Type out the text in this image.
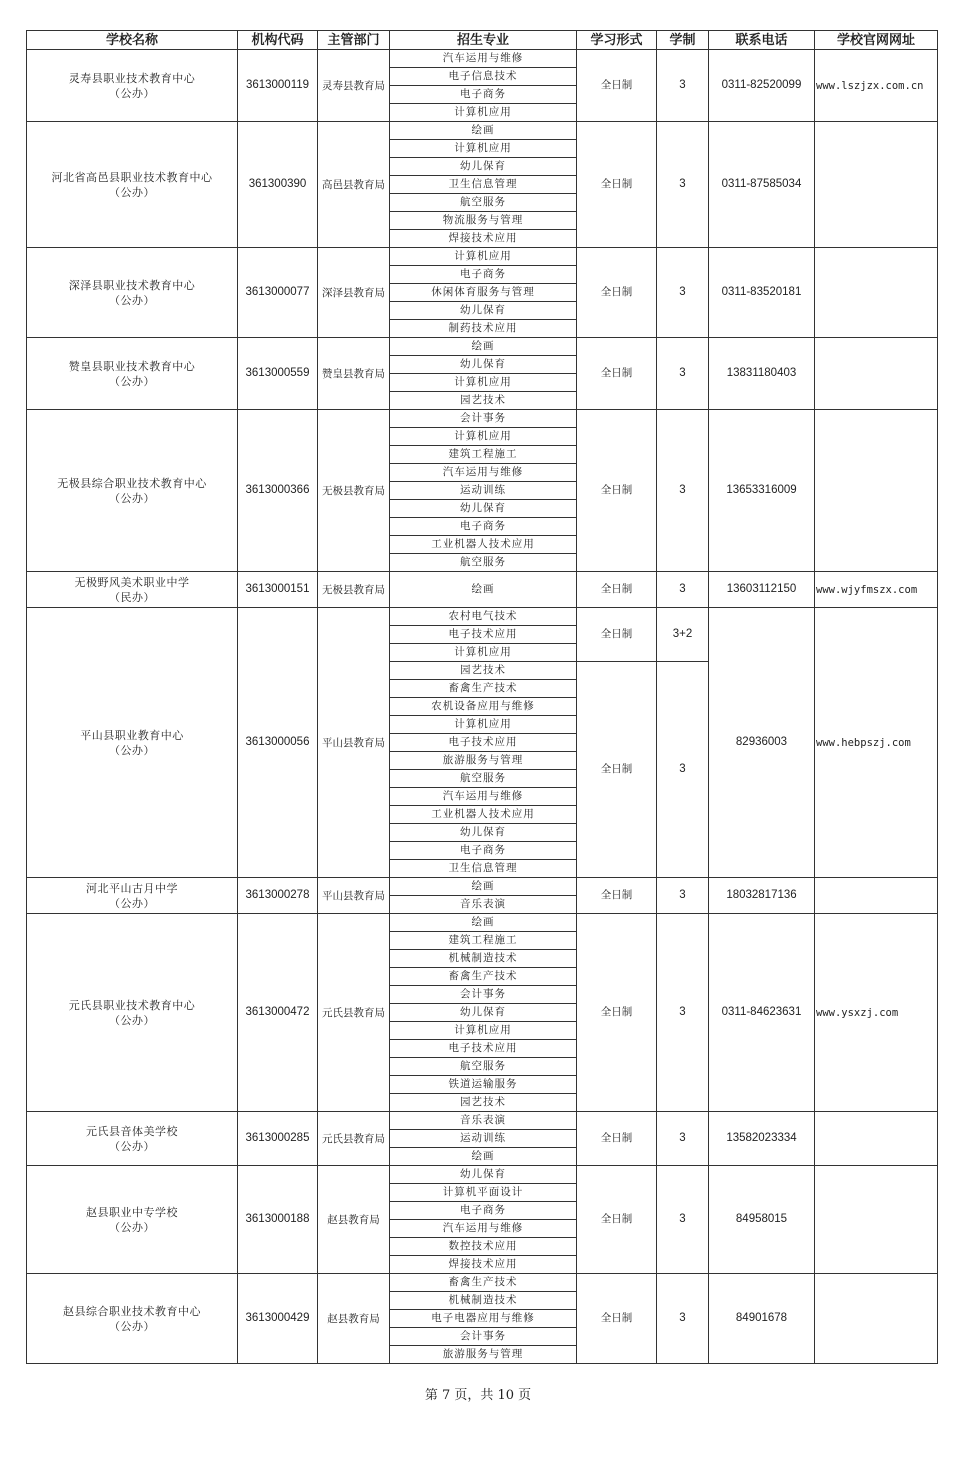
学校名称	机构代码	主管部门	招生专业	学习形式	学制	联系电话	学校官网网址

灵寿县职业技术教育中心
（公办）	3613000119	灵寿县教育局	汽车运用与维修	全日制	3	0311-82520099	www.lszjzx.com.cn
			电子信息技术				
			电子商务				
			计算机应用				

河北省高邑县职业技术教育中心
（公办）	361300390	高邑县教育局	绘画	全日制	3	0311-87585034	
			计算机应用				
			幼儿保育				
			卫生信息管理				
			航空服务				
			物流服务与管理				
			焊接技术应用				

深泽县职业技术教育中心
（公办）	3613000077	深泽县教育局	计算机应用	全日制	3	0311-83520181	
			电子商务				
			休闲体育服务与管理				
			幼儿保育				
			制药技术应用				

赞皇县职业技术教育中心
（公办）	3613000559	赞皇县教育局	绘画	全日制	3	13831180403	
			幼儿保育				
			计算机应用				
			园艺技术				

无极县综合职业技术教育中心
（公办）	3613000366	无极县教育局	会计事务	全日制	3	13653316009	
			计算机应用				
			建筑工程施工				
			汽车运用与维修				
			运动训练				
			幼儿保育				
			电子商务				
			工业机器人技术应用				
			航空服务				

无极野风美术职业中学
（民办）	3613000151	无极县教育局	绘画	全日制	3	13603112150	www.wjyfmszx.com

平山县职业教育中心
（公办）	3613000056	平山县教育局	农村电气技术	全日制	3+2	82936003	www.hebpszj.com
			电子技术应用				
			计算机应用				
			园艺技术	全日制	3		
			畜禽生产技术				
			农机设备应用与维修				
			计算机应用				
			电子技术应用				
			旅游服务与管理				
			航空服务				
			汽车运用与维修				
			工业机器人技术应用				
			幼儿保育				
			电子商务				
			卫生信息管理				

河北平山古月中学
（公办）	3613000278	平山县教育局	绘画	全日制	3	18032817136	
			音乐表演				

元氏县职业技术教育中心
（公办）	3613000472	元氏县教育局	绘画	全日制	3	0311-84623631	www.ysxzj.com
			建筑工程施工				
			机械制造技术				
			畜禽生产技术				
			会计事务				
			幼儿保育				
			计算机应用				
			电子技术应用				
			航空服务				
			铁道运输服务				
			园艺技术				

元氏县音体美学校
（公办）	3613000285	元氏县教育局	音乐表演	全日制	3	13582023334	
			运动训练				
			绘画				

赵县职业中专学校
（公办）	3613000188	赵县教育局	幼儿保育	全日制	3	84958015	
			计算机平面设计				
			电子商务				
			汽车运用与维修				
			数控技术应用				
			焊接技术应用				

赵县综合职业技术教育中心
（公办）	3613000429	赵县教育局	畜禽生产技术	全日制	3	84901678	
			机械制造技术				
			电子电器应用与维修				
			会计事务				
			旅游服务与管理				
第 7 页，共 10 页
